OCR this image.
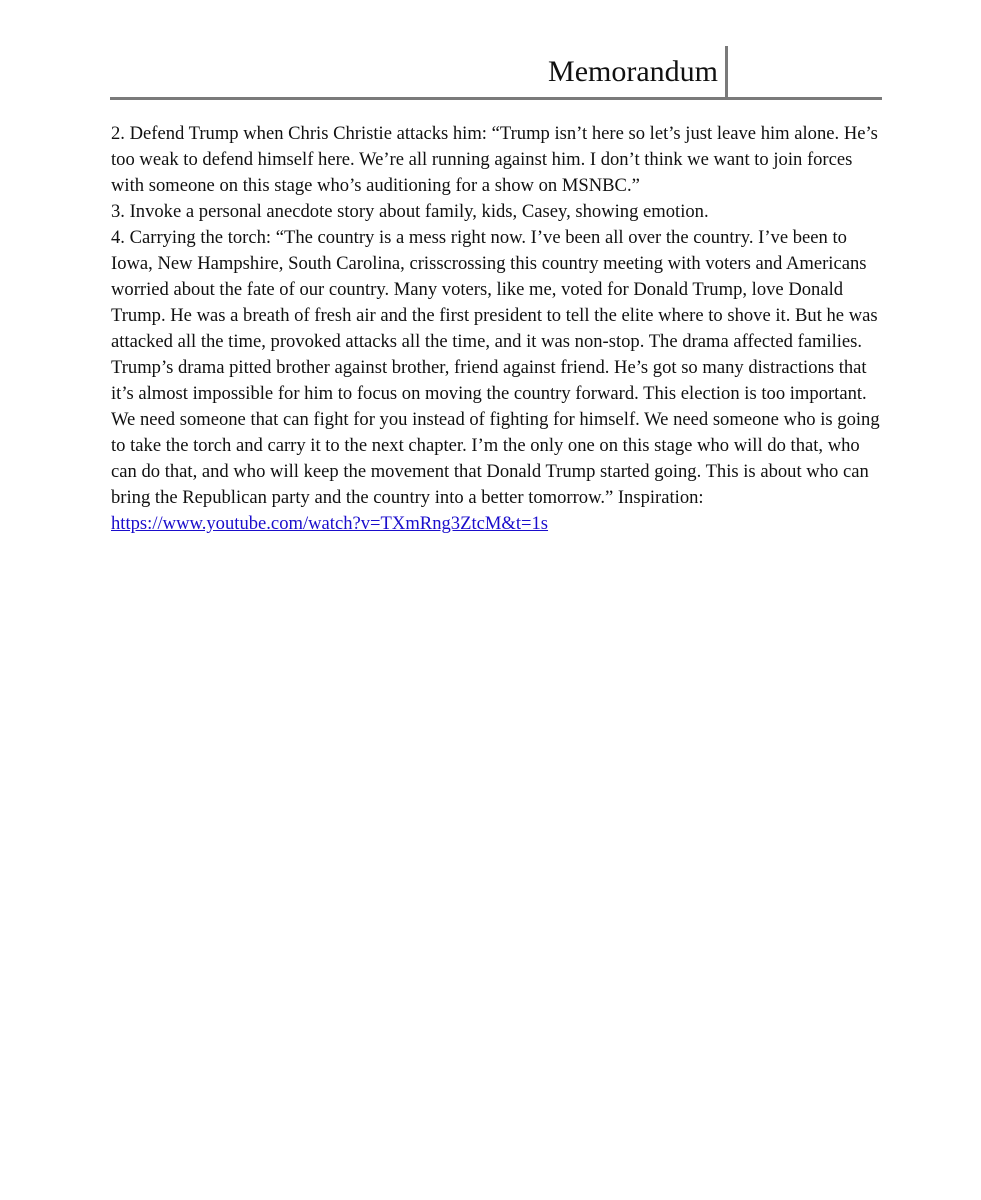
Memorandum

2. Defend Trump when Chris Christie attacks him: “Trump isn’t here so let’s just leave him alone. He’s too weak to defend himself here. We’re all running against him. I don’t think we want to join forces with someone on this stage who’s auditioning for a show on MSNBC.”

3. Invoke a personal anecdote story about family, kids, Casey, showing emotion.

4. Carrying the torch: “The country is a mess right now. I’ve been all over the country. I’ve been to Iowa, New Hampshire, South Carolina, crisscrossing this country meeting with voters and Americans worried about the fate of our country. Many voters, like me, voted for Donald Trump, love Donald Trump. He was a breath of fresh air and the first president to tell the elite where to shove it. But he was attacked all the time, provoked attacks all the time, and it was non-stop. The drama affected families. Trump’s drama pitted brother against brother, friend against friend. He’s got so many distractions that it’s almost impossible for him to focus on moving the country forward. This election is too important. We need someone that can fight for you instead of fighting for himself. We need someone who is going to take the torch and carry it to the next chapter. I’m the only one on this stage who will do that, who can do that, and who will keep the movement that Donald Trump started going. This is about who can bring the Republican party and the country into a better tomorrow.” Inspiration:
https://www.youtube.com/watch?v=TXmRng3ZtcM&t=1s
